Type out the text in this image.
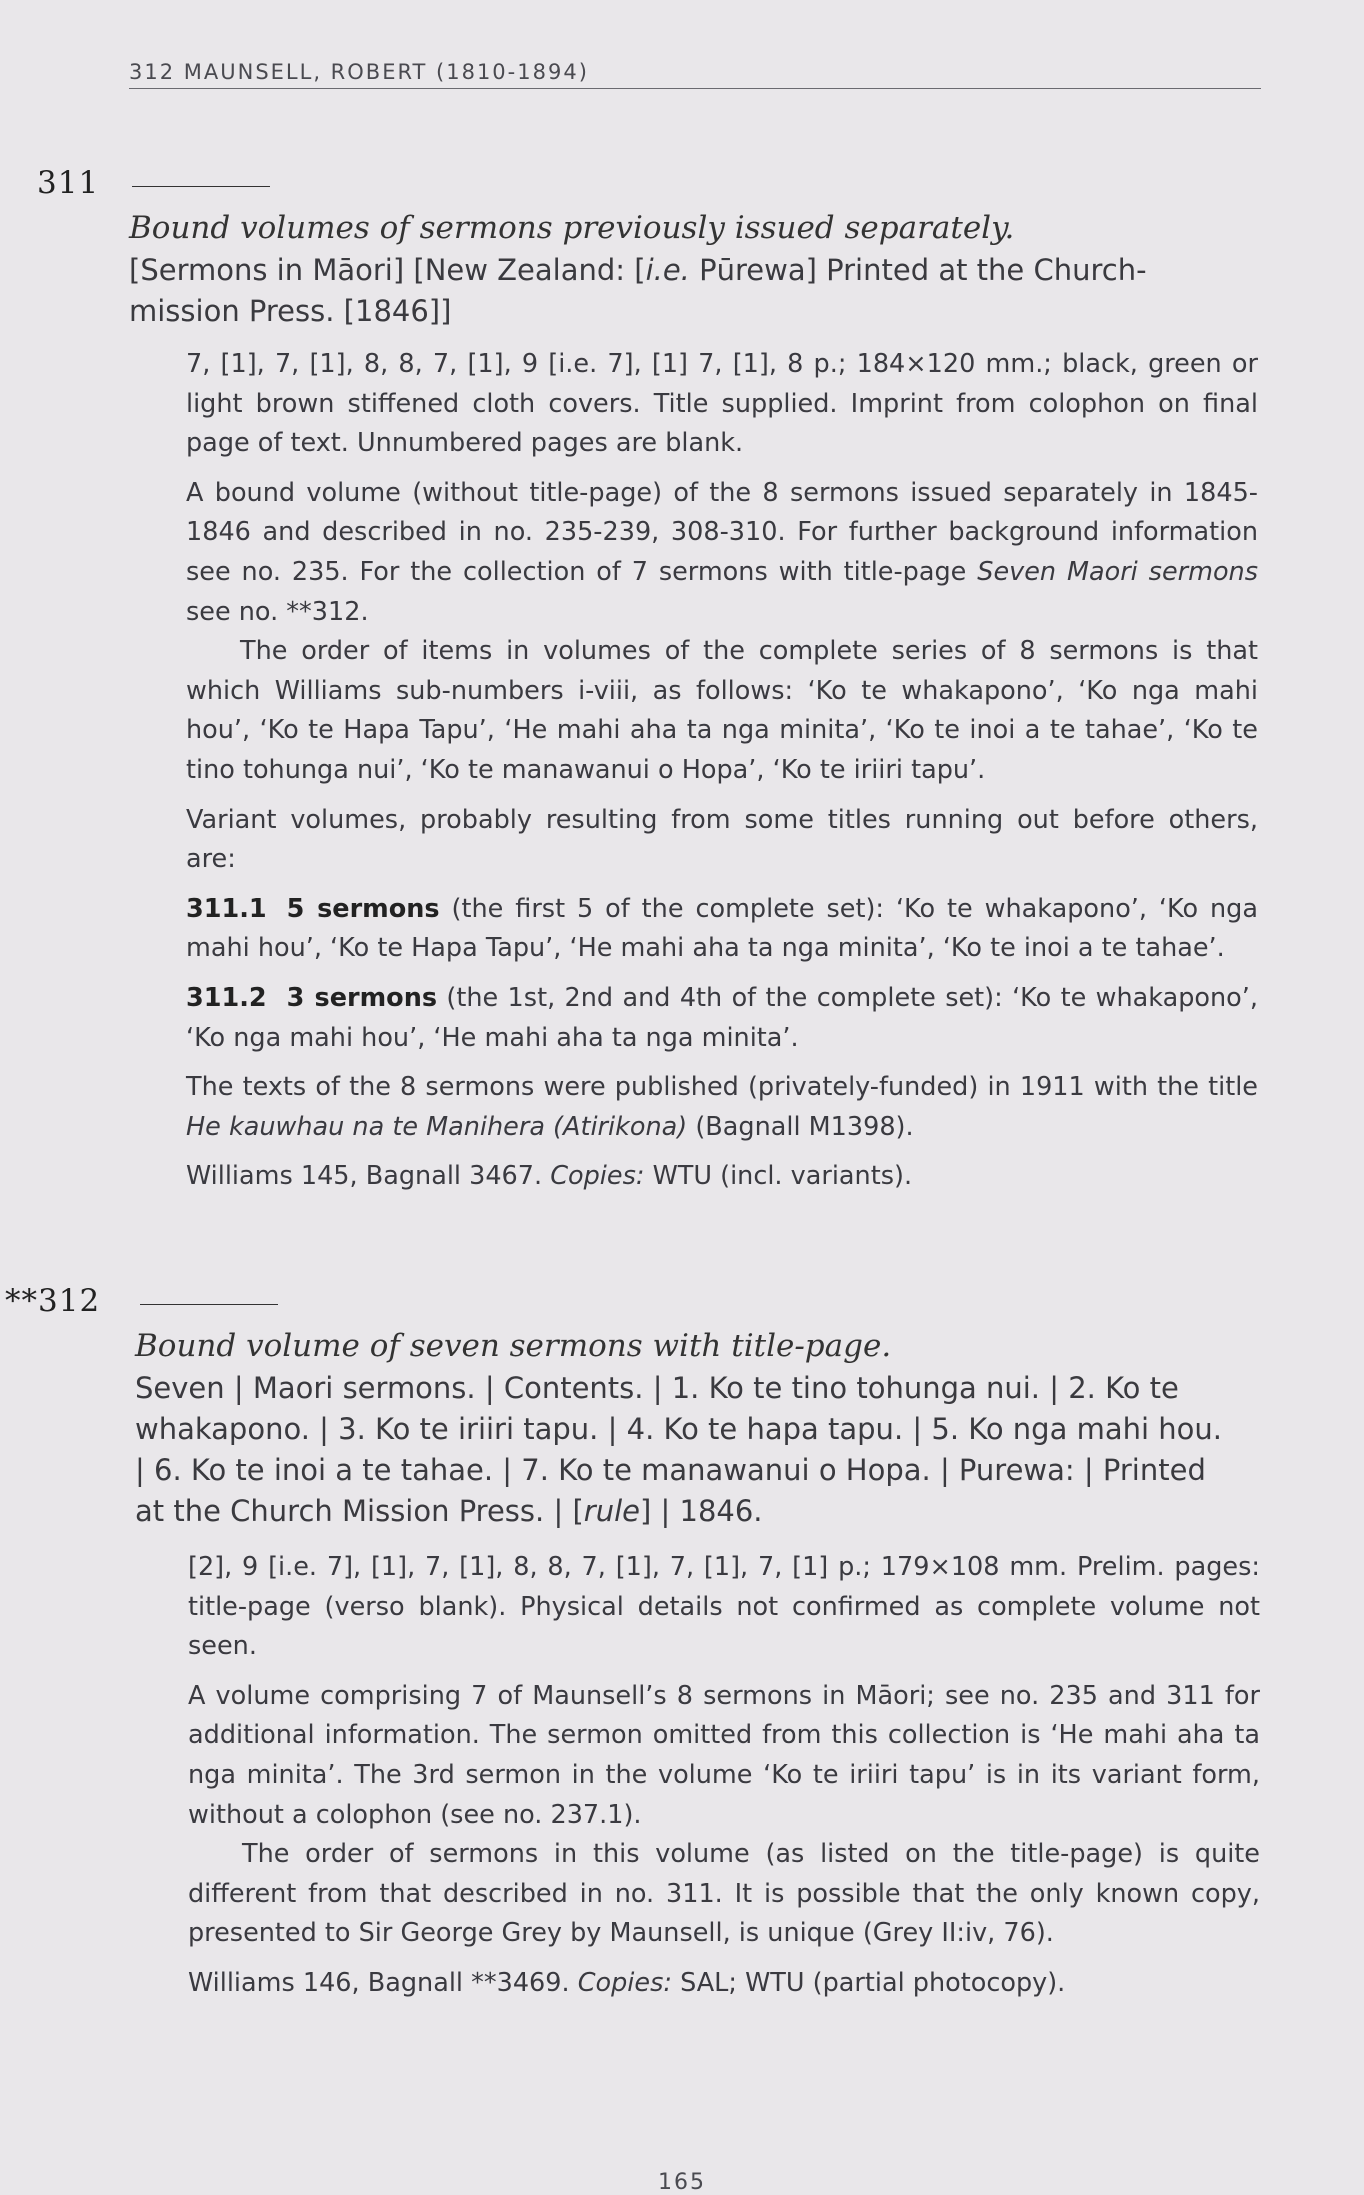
312 MAUNSELL, ROBERT (1810-1894)
311
Bound volumes of sermons previously issued separately.
[Sermons in Māori] [New Zealand: [i.e. Pūrewa] Printed at the Church-mission Press. [1846]]

7, [1], 7, [1], 8, 8, 7, [1], 9 [i.e. 7], [1] 7, [1], 8 p.; 184×120 mm.; black, green or light brown stiffened cloth covers. Title supplied. Imprint from colophon on final page of text. Unnumbered pages are blank.

A bound volume (without title-page) of the 8 sermons issued separately in 1845-1846 and described in no. 235-239, 308-310. For further background information see no. 235. For the collection of 7 sermons with title-page Seven Maori sermons see no. **312.

The order of items in volumes of the complete series of 8 sermons is that which Williams sub-numbers i-viii, as follows: ‘Ko te whakapono’, ‘Ko nga mahi hou’, ‘Ko te Hapa Tapu’, ‘He mahi aha ta nga minita’, ‘Ko te inoi a te tahae’, ‘Ko te tino tohunga nui’, ‘Ko te manawanui o Hopa’, ‘Ko te iriiri tapu’.

Variant volumes, probably resulting from some titles running out before others, are:

311.1 5 sermons (the first 5 of the complete set): ‘Ko te whakapono’, ‘Ko nga mahi hou’, ‘Ko te Hapa Tapu’, ‘He mahi aha ta nga minita’, ‘Ko te inoi a te tahae’.

311.2 3 sermons (the 1st, 2nd and 4th of the complete set): ‘Ko te whakapono’, ‘Ko nga mahi hou’, ‘He mahi aha ta nga minita’.

The texts of the 8 sermons were published (privately-funded) in 1911 with the title He kauwhau na te Manihera (Atirikona) (Bagnall M1398).

Williams 145, Bagnall 3467. Copies: WTU (incl. variants).

**312
Bound volume of seven sermons with title-page.
Seven | Maori sermons. | Contents. | 1. Ko te tino tohunga nui. | 2. Ko te whakapono. | 3. Ko te iriiri tapu. | 4. Ko te hapa tapu. | 5. Ko nga mahi hou. | 6. Ko te inoi a te tahae. | 7. Ko te manawanui o Hopa. | Purewa: | Printed at the Church Mission Press. | [rule] | 1846.

[2], 9 [i.e. 7], [1], 7, [1], 8, 8, 7, [1], 7, [1], 7, [1] p.; 179×108 mm. Prelim. pages: title-page (verso blank). Physical details not confirmed as complete volume not seen.

A volume comprising 7 of Maunsell’s 8 sermons in Māori; see no. 235 and 311 for additional information. The sermon omitted from this collection is ‘He mahi aha ta nga minita’. The 3rd sermon in the volume ‘Ko te iriiri tapu’ is in its variant form, without a colophon (see no. 237.1).

The order of sermons in this volume (as listed on the title-page) is quite different from that described in no. 311. It is possible that the only known copy, presented to Sir George Grey by Maunsell, is unique (Grey II:iv, 76).

Williams 146, Bagnall **3469. Copies: SAL; WTU (partial photocopy).

165
